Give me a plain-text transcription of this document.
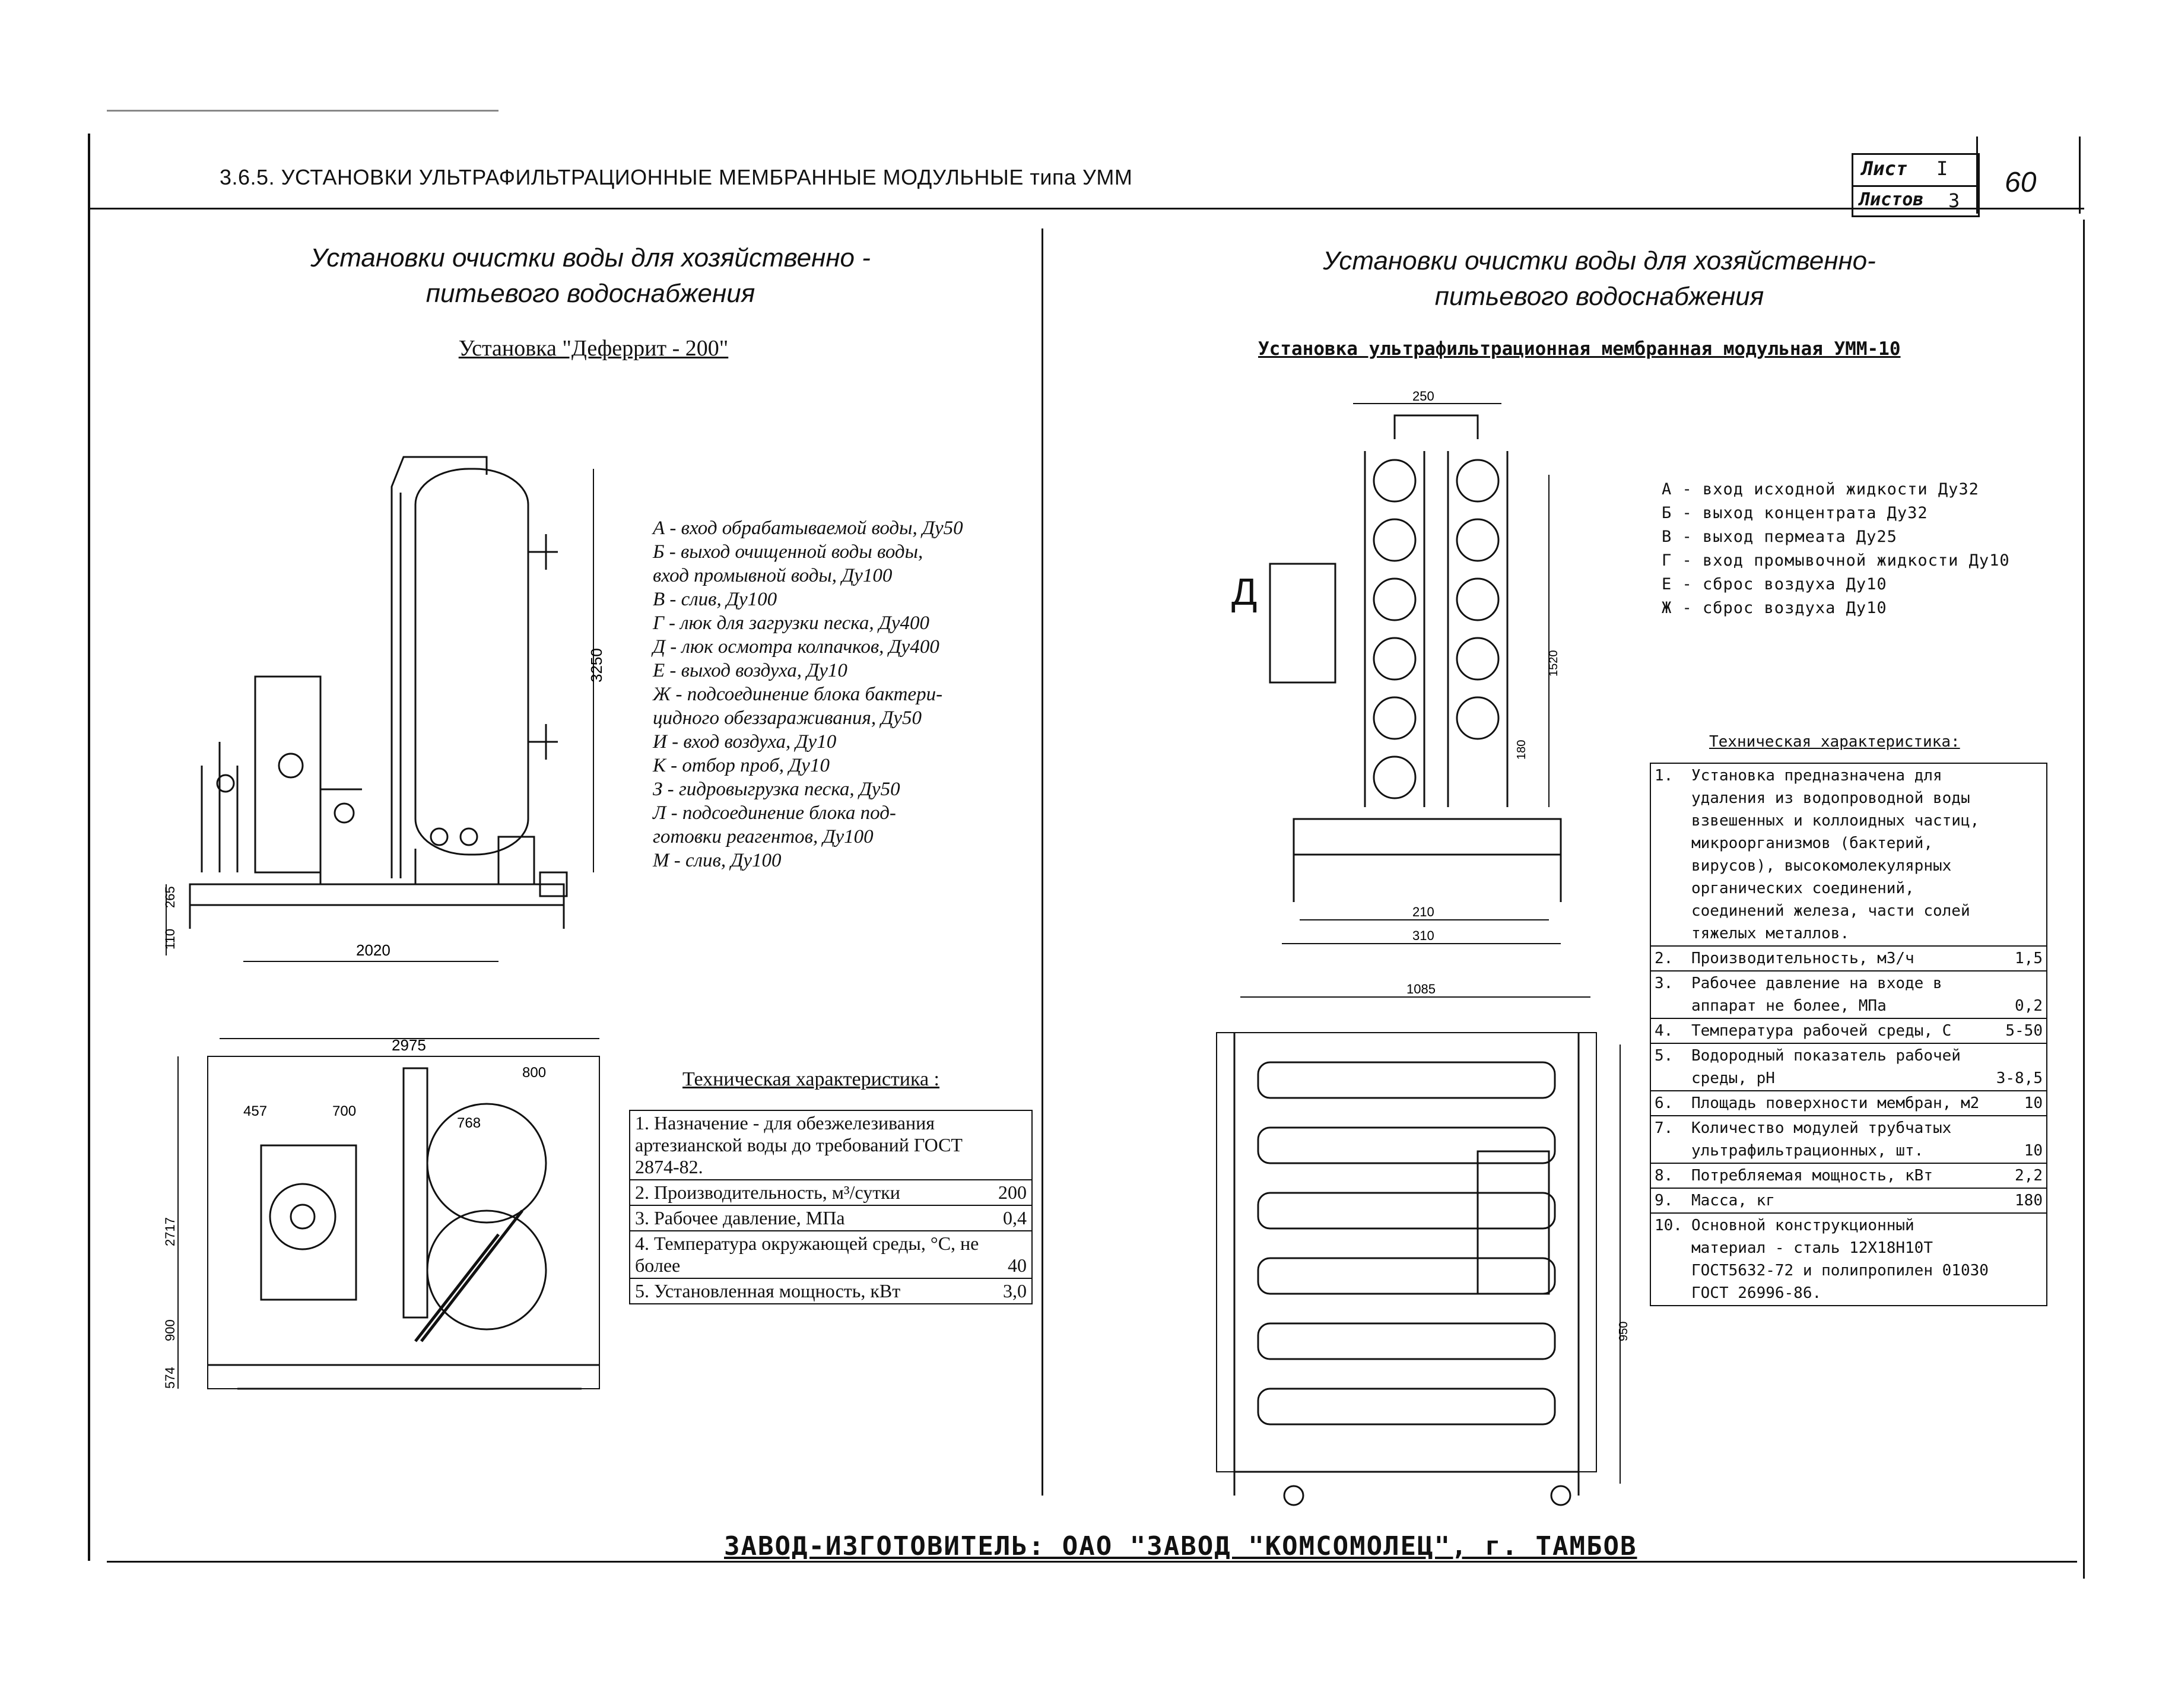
3.6.5. УСТАНОВКИ УЛЬТРАФИЛЬТРАЦИОННЫЕ МЕМБРАННЫЕ МОДУЛЬНЫЕ типа УММ	Лист I
Листов 3
60
Установки очистки воды для хозяйственно -
питьевого водоснабжения
Установка "Деферрит - 200"
3250
2020
265
110
А - вход обрабатываемой воды, Ду50
Б - выход очищенной воды воды,
вход промывной воды, Ду100
В - слив, Ду100
Г - люк для загрузки песка, Ду400
Д - люк осмотра колпачков, Ду400
Е - выход воздуха, Ду10
Ж - подсоединение блока бактери-
цидного обеззараживания, Ду50
И - вход воздуха, Ду10
К - отбор проб, Ду10
З - гидровыгрузка песка, Ду50
Л - подсоединение блока под-
готовки реагентов, Ду100
М - слив, Ду100
2975
800
457	700
768
2717
900
574
Техническая характеристика :
1. Назначение - для обезжелезивания артезианской воды до требований ГОСТ 2874-82.	
2. Производительность, м³/сутки	200
3. Рабочее давление, МПа	0,4
4. Температура окружающей среды, °С, не более	40
5. Установленная мощность, кВт	3,0
Установки очистки воды для хозяйственно-
питьевого водоснабжения
Установка ультрафильтрационная мембранная модульная УММ-10
250
210
310
1520
180
Д
А - вход исходной жидкости Ду32
Б - выход концентрата Ду32
В - выход пермеата Ду25
Г - вход промывочной жидкости Ду10
Е - сброс воздуха Ду10
Ж - сброс воздуха Ду10
1085
950
Техническая характеристика:
1.	Установка предназначена для удаления из водопроводной воды взвешенных и коллоидных частиц, микроорганизмов (бактерий, вирусов), высокомолекулярных органических соединений, соединений железа, части солей тяжелых металлов.	
2.	Производительность, м3/ч	1,5
3.	Рабочее давление на входе в аппарат не более, МПа	0,2
4.	Температура рабочей среды, С	5-50
5.	Водородный показатель рабочей среды, рН	3-8,5
6.	Площадь поверхности мембран, м2	10
7.	Количество модулей трубчатых ультрафильтрационных, шт.	10
8.	Потребляемая мощность, кВт	2,2
9.	Масса, кг	180
10.	Основной конструкционный материал - сталь 12Х18Н10Т ГОСТ5632-72 и полипропилен 01030 ГОСТ 26996-86.	
ЗАВОД-ИЗГОТОВИТЕЛЬ: ОАО "ЗАВОД "КОМСОМОЛЕЦ", г. ТАМБОВ
